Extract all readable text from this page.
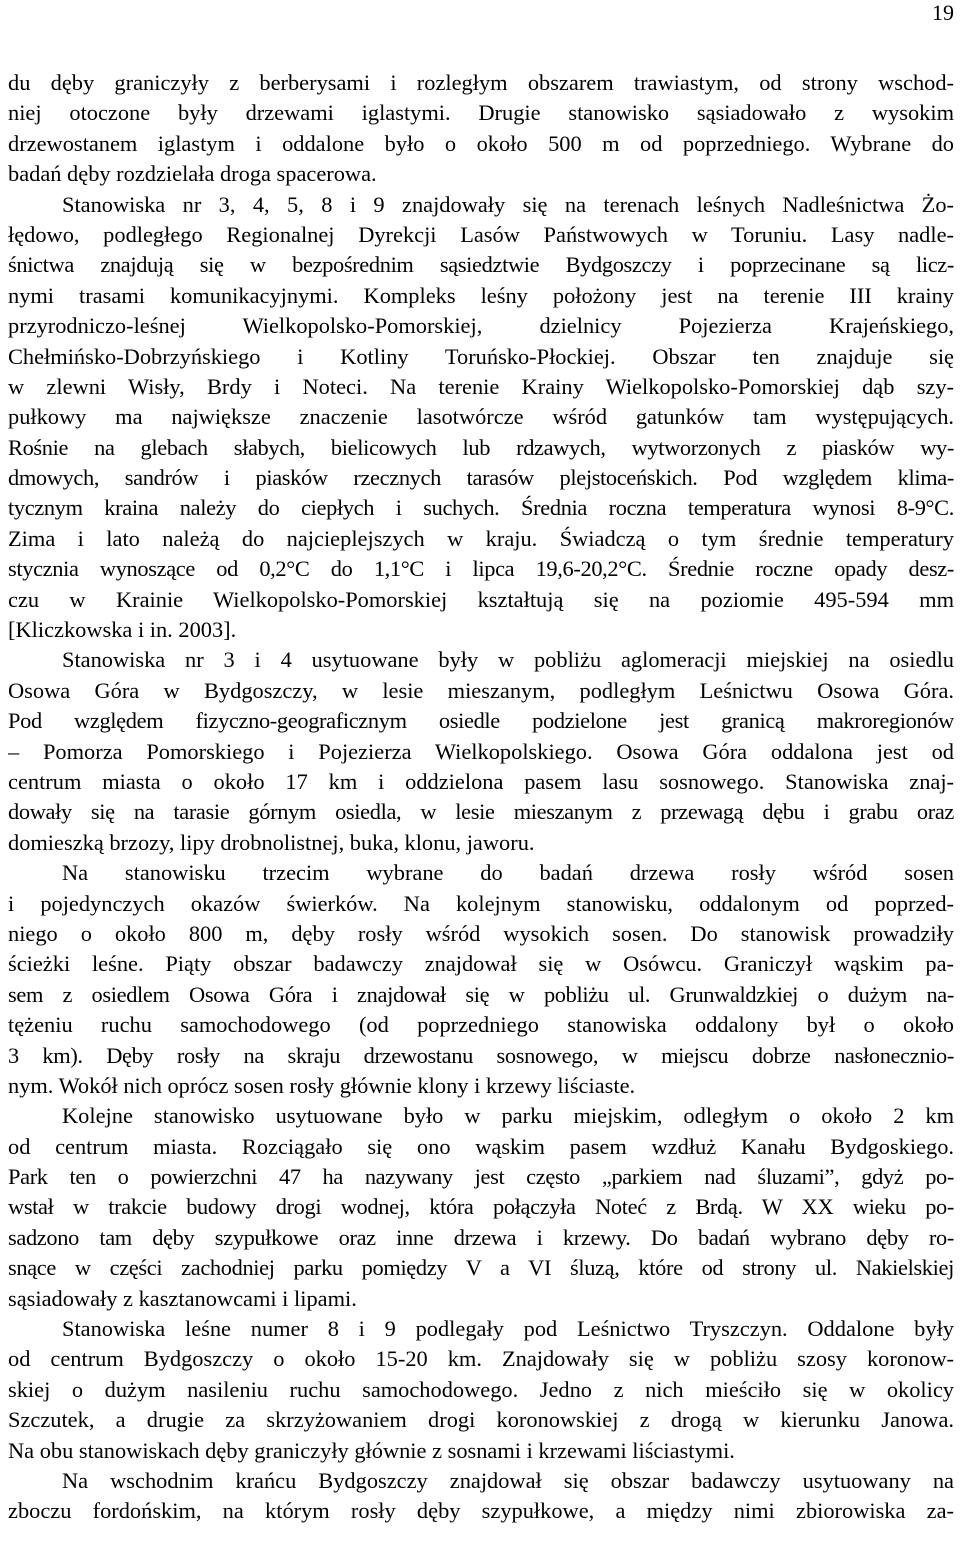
19
du dęby graniczyły z berberysami i rozległym obszarem trawiastym, od strony wschod-
niej otoczone były drzewami iglastymi. Drugie stanowisko sąsiadowało z wysokim
drzewostanem iglastym i oddalone było o około 500 m od poprzedniego. Wybrane do
badań dęby rozdzielała droga spacerowa.
Stanowiska nr 3, 4, 5, 8 i 9 znajdowały się na terenach leśnych Nadleśnictwa Żo-
łędowo, podległego Regionalnej Dyrekcji Lasów Państwowych w Toruniu. Lasy nadle-
śnictwa znajdują się w bezpośrednim sąsiedztwie Bydgoszczy i poprzecinane są licz-
nymi trasami komunikacyjnymi. Kompleks leśny położony jest na terenie III krainy
przyrodniczo-leśnej Wielkopolsko-Pomorskiej, dzielnicy Pojezierza Krajeńskiego,
Chełmińsko-Dobrzyńskiego i Kotliny Toruńsko-Płockiej. Obszar ten znajduje się
w zlewni Wisły, Brdy i Noteci. Na terenie Krainy Wielkopolsko-Pomorskiej dąb szy-
pułkowy ma największe znaczenie lasotwórcze wśród gatunków tam występujących.
Rośnie na glebach słabych, bielicowych lub rdzawych, wytworzonych z piasków wy-
dmowych, sandrów i piasków rzecznych tarasów plejstoceńskich. Pod względem klima-
tycznym kraina należy do ciepłych i suchych. Średnia roczna temperatura wynosi 8-9°C.
Zima i lato należą do najcieplejszych w kraju. Świadczą o tym średnie temperatury
stycznia wynoszące od 0,2°C do 1,1°C i lipca 19,6-20,2°C. Średnie roczne opady desz-
czu w Krainie Wielkopolsko-Pomorskiej kształtują się na poziomie 495-594 mm
[Kliczkowska i in. 2003].
Stanowiska nr 3 i 4 usytuowane były w pobliżu aglomeracji miejskiej na osiedlu
Osowa Góra w Bydgoszczy, w lesie mieszanym, podległym Leśnictwu Osowa Góra.
Pod względem fizyczno-geograficznym osiedle podzielone jest granicą makroregionów
– Pomorza Pomorskiego i Pojezierza Wielkopolskiego. Osowa Góra oddalona jest od
centrum miasta o około 17 km i oddzielona pasem lasu sosnowego. Stanowiska znaj-
dowały się na tarasie górnym osiedla, w lesie mieszanym z przewagą dębu i grabu oraz
domieszką brzozy, lipy drobnolistnej, buka, klonu, jaworu.
Na stanowisku trzecim wybrane do badań drzewa rosły wśród sosen
i pojedynczych okazów świerków. Na kolejnym stanowisku, oddalonym od poprzed-
niego o około 800 m, dęby rosły wśród wysokich sosen. Do stanowisk prowadziły
ścieżki leśne. Piąty obszar badawczy znajdował się w Osówcu. Graniczył wąskim pa-
sem z osiedlem Osowa Góra i znajdował się w pobliżu ul. Grunwaldzkiej o dużym na-
tężeniu ruchu samochodowego (od poprzedniego stanowiska oddalony był o około
3 km). Dęby rosły na skraju drzewostanu sosnowego, w miejscu dobrze nasłonecznio-
nym. Wokół nich oprócz sosen rosły głównie klony i krzewy liściaste.
Kolejne stanowisko usytuowane było w parku miejskim, odległym o około 2 km
od centrum miasta. Rozciągało się ono wąskim pasem wzdłuż Kanału Bydgoskiego.
Park ten o powierzchni 47 ha nazywany jest często „parkiem nad śluzami”, gdyż po-
wstał w trakcie budowy drogi wodnej, która połączyła Noteć z Brdą. W XX wieku po-
sadzono tam dęby szypułkowe oraz inne drzewa i krzewy. Do badań wybrano dęby ro-
snące w części zachodniej parku pomiędzy V a VI śluzą, które od strony ul. Nakielskiej
sąsiadowały z kasztanowcami i lipami.
Stanowiska leśne numer 8 i 9 podlegały pod Leśnictwo Tryszczyn. Oddalone były
od centrum Bydgoszczy o około 15-20 km. Znajdowały się w pobliżu szosy koronow-
skiej o dużym nasileniu ruchu samochodowego. Jedno z nich mieściło się w okolicy
Szczutek, a drugie za skrzyżowaniem drogi koronowskiej z drogą w kierunku Janowa.
Na obu stanowiskach dęby graniczyły głównie z sosnami i krzewami liściastymi.
Na wschodnim krańcu Bydgoszczy znajdował się obszar badawczy usytuowany na
zboczu fordońskim, na którym rosły dęby szypułkowe, a między nimi zbiorowiska za-
